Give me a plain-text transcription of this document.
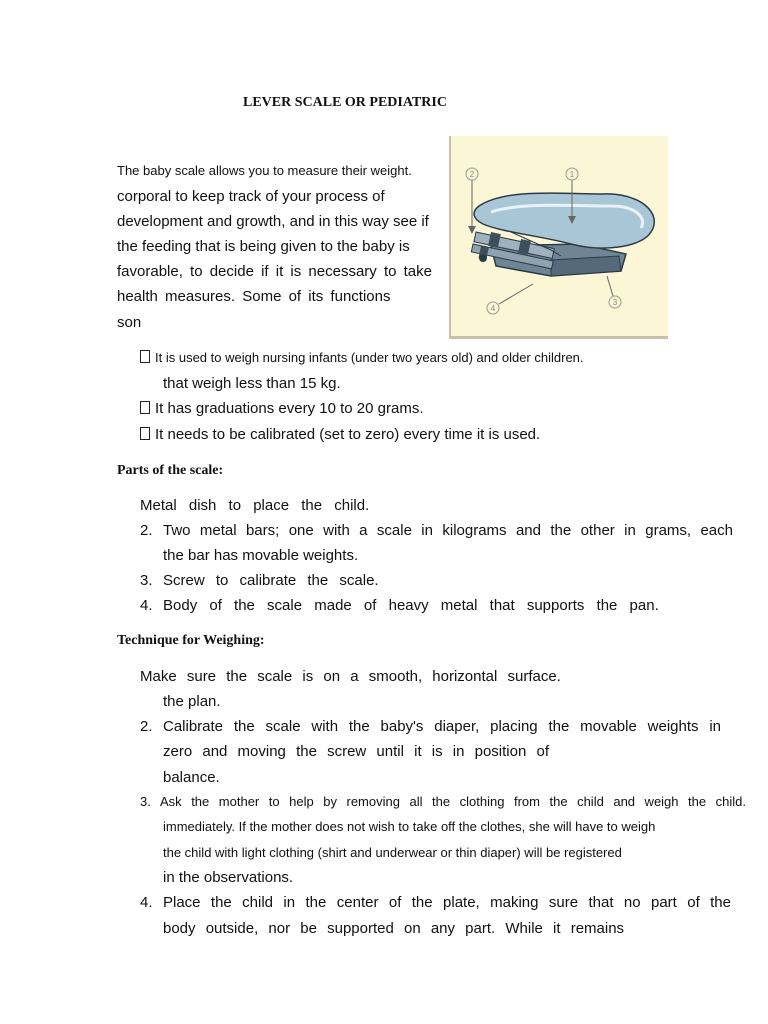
LEVER SCALE OR PEDIATRIC

The baby scale allows you to measure their weight.

corporal to keep track of your process of

development and growth, and in this way see if

the feeding that is being given to the baby is

favorable, to decide if it is necessary to take

health measures. Some of its functions

son

2	1
4
3

It is used to weigh nursing infants (under two years old) and older children.

that weigh less than 15 kg.

It has graduations every 10 to 20 grams.

It needs to be calibrated (set to zero) every time it is used.

Parts of the scale:

Metal dish to place the child.

2. Two metal bars; one with a scale in kilograms and the other in grams, each

the bar has movable weights.

3. Screw to calibrate the scale.

4. Body of the scale made of heavy metal that supports the pan.

Technique for Weighing:

Make sure the scale is on a smooth, horizontal surface.

the plan.

2. Calibrate the scale with the baby's diaper, placing the movable weights in

zero and moving the screw until it is in position of

balance.

3. Ask the mother to help by removing all the clothing from the child and weigh the child.

immediately. If the mother does not wish to take off the clothes, she will have to weigh

the child with light clothing (shirt and underwear or thin diaper) will be registered

in the observations.

4. Place the child in the center of the plate, making sure that no part of the

body outside, nor be supported on any part. While it remains
